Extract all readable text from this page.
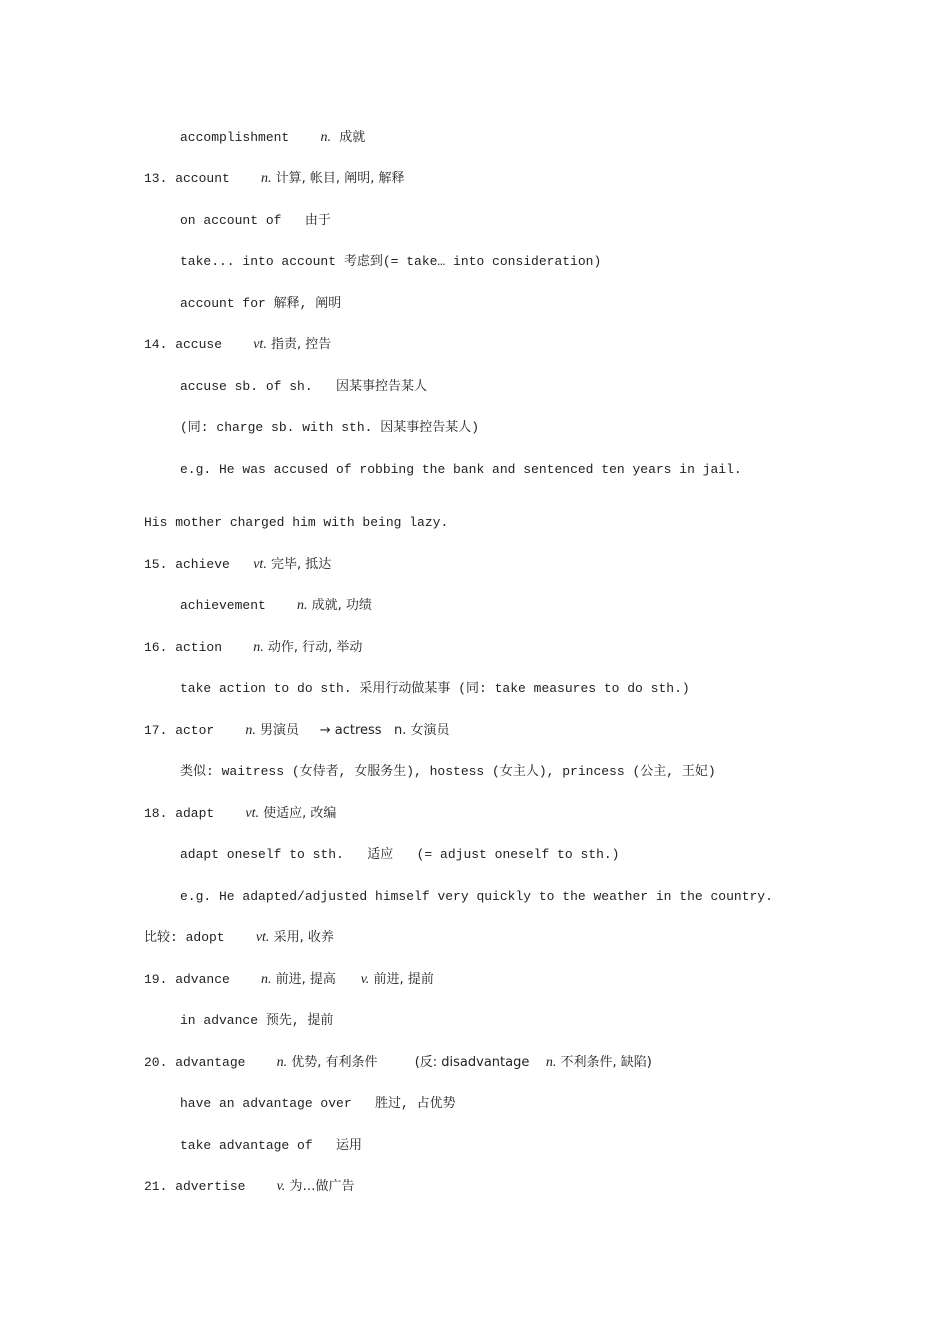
accomplishment    n.  成就
13. account    n. 计算, 帐目, 阐明, 解释
on account of   由于
take... into account 考虑到(= take… into consideration)
account for 解释, 阐明
14. accuse    vt. 指责, 控告
accuse sb. of sh.   因某事控告某人
(同: charge sb. with sth. 因某事控告某人)
e.g. He was accused of robbing the bank and sentenced ten years in jail.
His mother charged him with being lazy.
15. achieve   vt. 完毕, 抵达
achievement    n. 成就, 功绩
16. action    n. 动作, 行动, 举动
take action to do sth. 采用行动做某事 (同: take measures to do sth.)
17. actor    n. 男演员     → actress   n. 女演员
类似: waitress (女侍者, 女服务生), hostess (女主人), princess (公主, 王妃)
18. adapt    vt. 使适应, 改编
adapt oneself to sth.   适应   (= adjust oneself to sth.)
e.g. He adapted/adjusted himself very quickly to the weather in the country.
比较: adopt    vt. 采用, 收养
19. advance    n. 前进, 提高      v. 前进, 提前
in advance 预先, 提前
20. advantage    n. 优势, 有利条件         (反: disadvantage    n. 不利条件, 缺陷)
have an advantage over   胜过, 占优势
take advantage of   运用
21. advertise    v. 为…做广告
